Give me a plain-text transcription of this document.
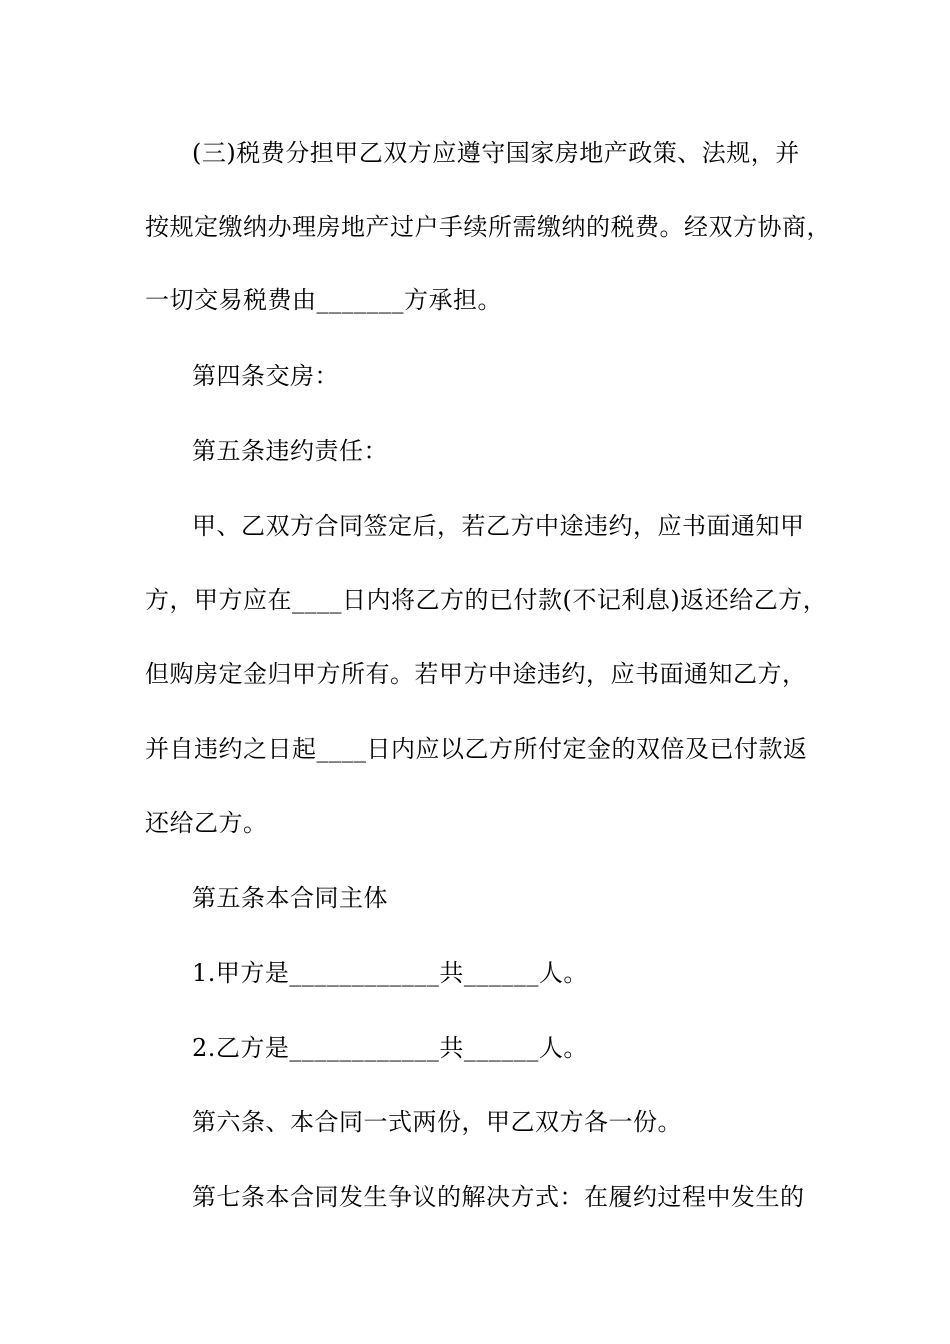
(三)税费分担甲乙双方应遵守国家房地产政策、法规，并
按规定缴纳办理房地产过户手续所需缴纳的税费。经双方协商，
一切交易税费由_______方承担。
第四条交房：
第五条违约责任：
甲、乙双方合同签定后，若乙方中途违约，应书面通知甲
方，甲方应在____日内将乙方的已付款(不记利息)返还给乙方，
但购房定金归甲方所有。若甲方中途违约，应书面通知乙方，
并自违约之日起____日内应以乙方所付定金的双倍及已付款返
还给乙方。
第五条本合同主体
1.甲方是____________共______人。
2.乙方是____________共______人。
第六条、本合同一式两份，甲乙双方各一份。
第七条本合同发生争议的解决方式：在履约过程中发生的
